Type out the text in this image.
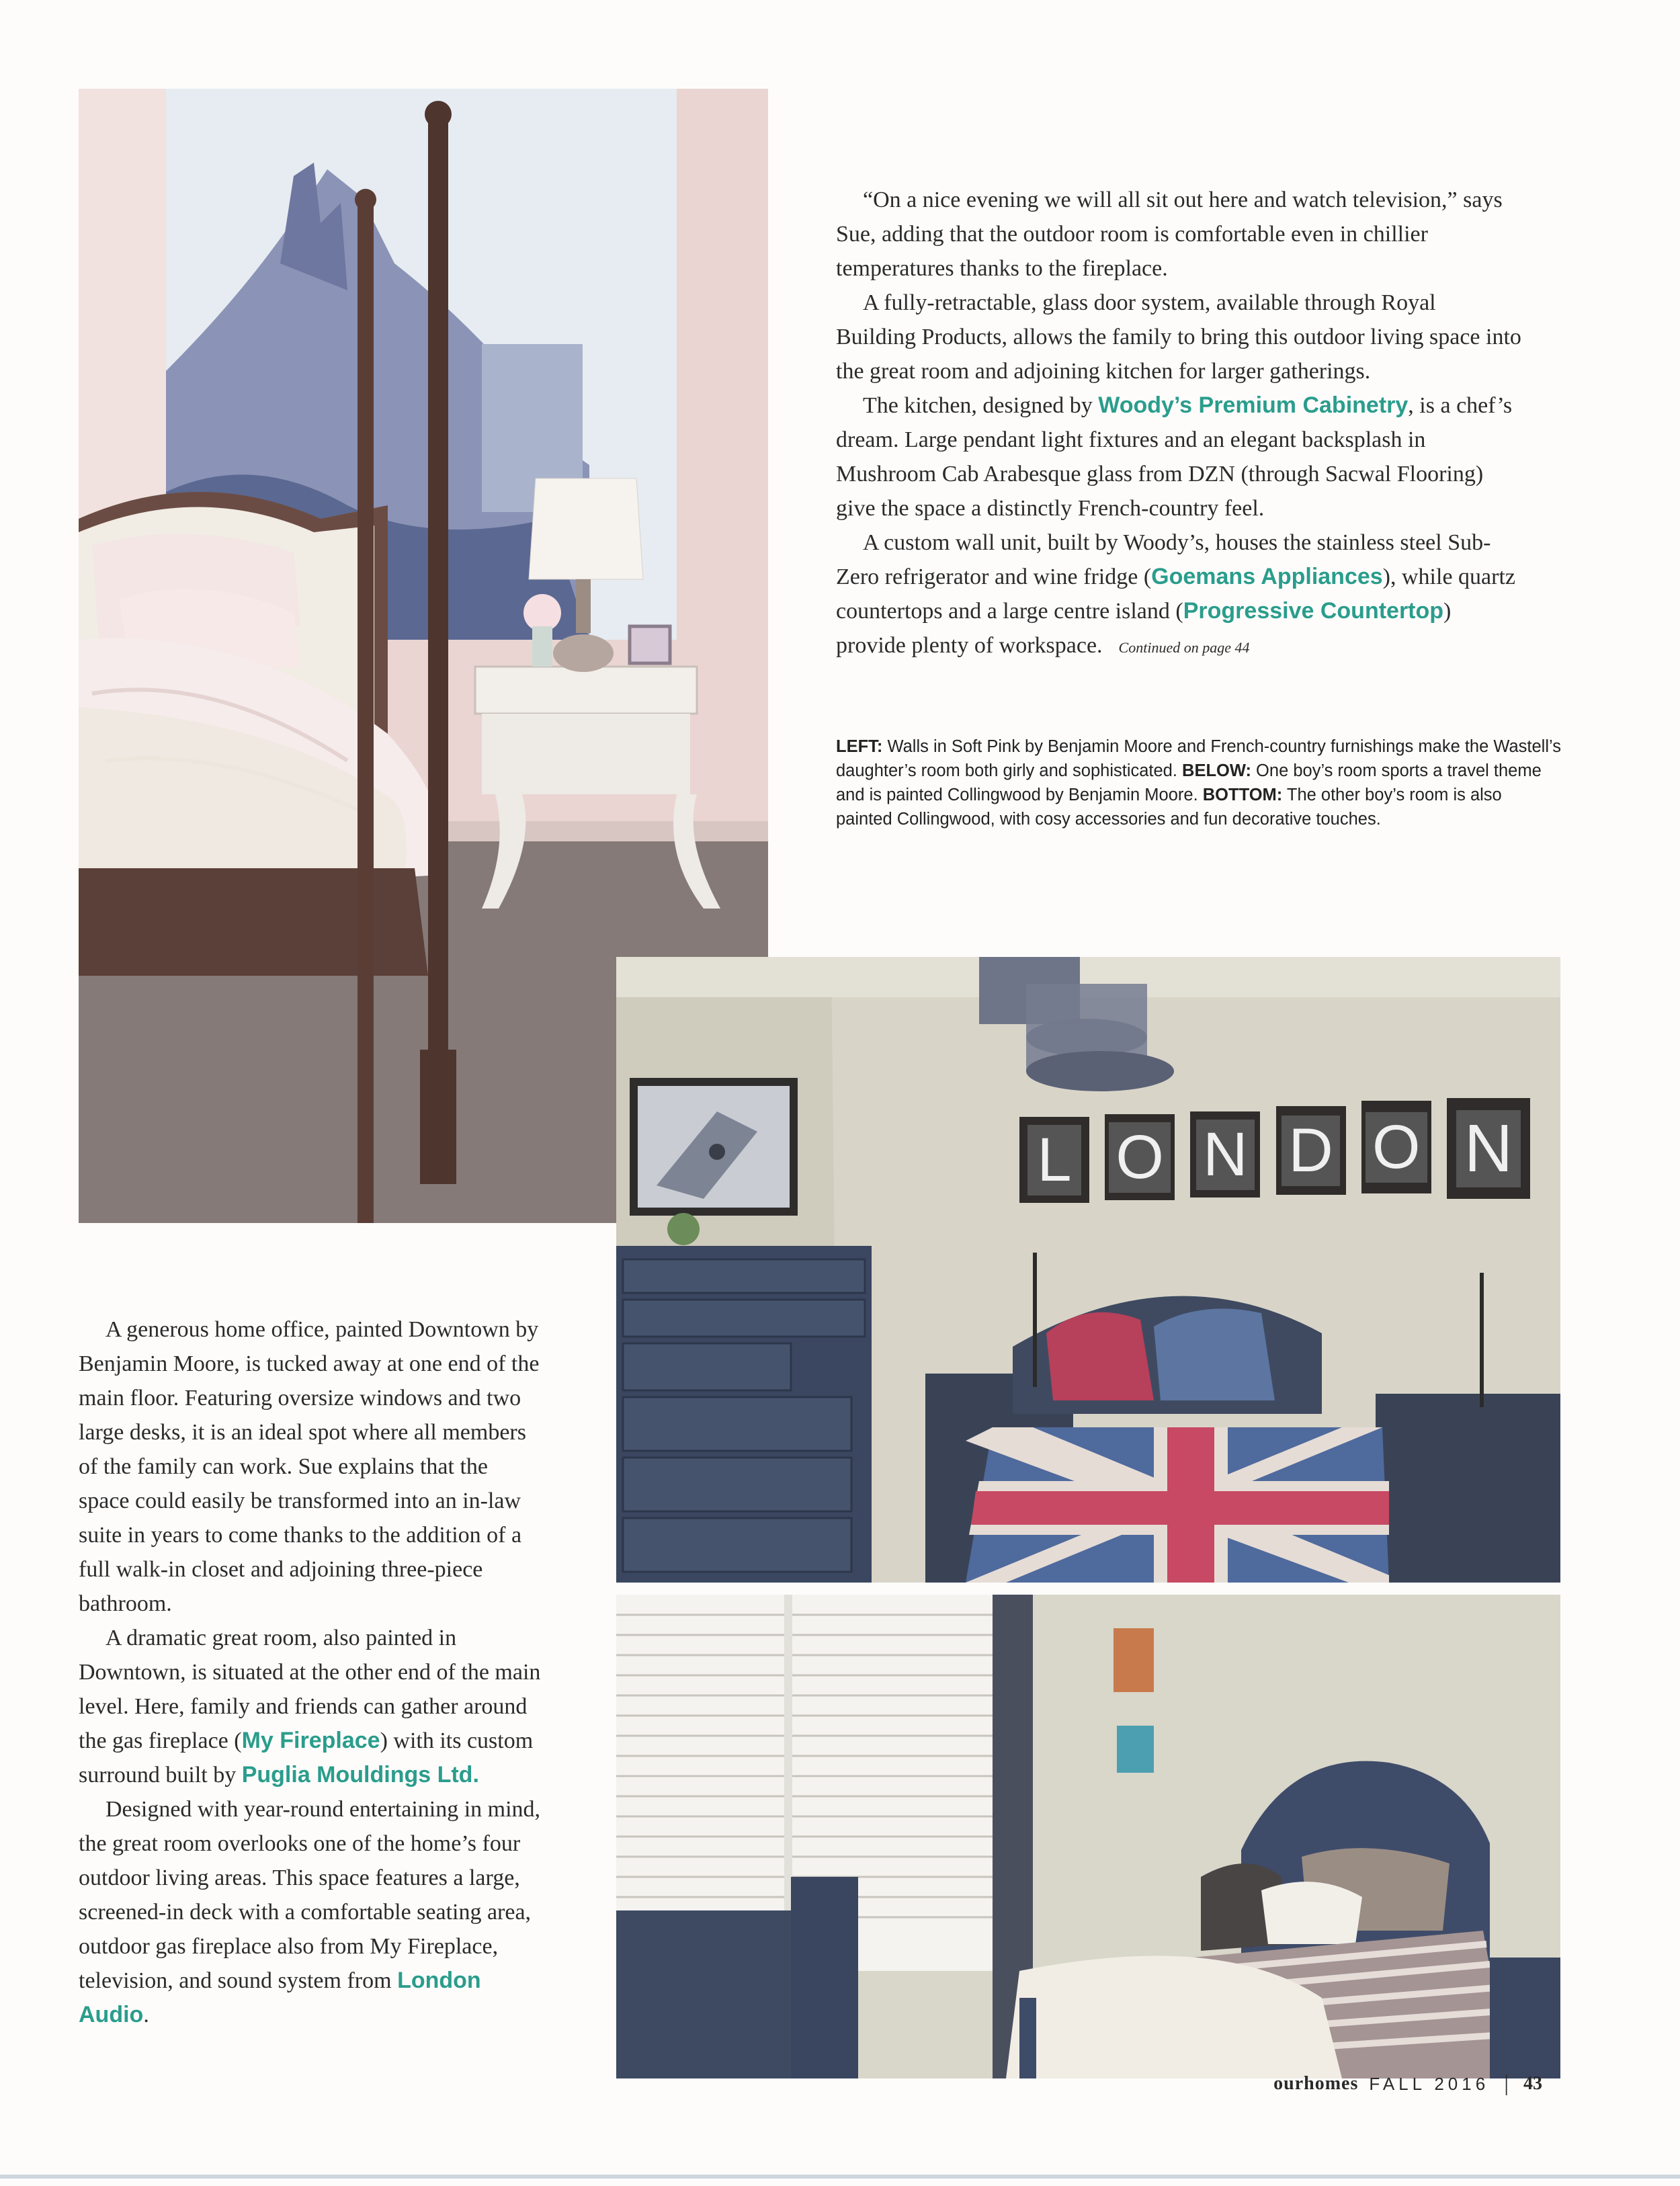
“On a nice evening we will all sit out here and watch television,” says Sue, adding that the outdoor room is comfortable even in chillier temperatures thanks to the fireplace.

A fully-retractable, glass door system, available through Royal Building Products, allows the family to bring this outdoor living space into the great room and adjoining kitchen for larger gatherings.

The kitchen, designed by Woody’s Premium Cabinetry, is a chef’s dream. Large pendant light fixtures and an elegant backsplash in Mushroom Cab Arabesque glass from DZN (through Sacwal Flooring) give the space a distinctly French-country feel.

A custom wall unit, built by Woody’s, houses the stainless steel Sub-Zero refrigerator and wine fridge (Goemans Appliances), while quartz countertops and a large centre island (Progressive Countertop) provide plenty of workspace. Continued on page 44

LEFT: Walls in Soft Pink by Benjamin Moore and French-country furnishings make the Wastell’s daughter’s room both girly and sophisticated. BELOW: One boy’s room sports a travel theme and is painted Collingwood by Benjamin Moore. BOTTOM: The other boy’s room is also painted Collingwood, with cosy accessories and fun decorative touches.
L O N D O N

A generous home office, painted Downtown by Benjamin Moore, is tucked away at one end of the main floor. Featuring oversize windows and two large desks, it is an ideal spot where all members of the family can work. Sue explains that the space could easily be transformed into an in-law suite in years to come thanks to the addition of a full walk-in closet and adjoining three-piece bathroom.

A dramatic great room, also painted in Downtown, is situated at the other end of the main level. Here, family and friends can gather around the gas fireplace (My Fireplace) with its custom surround built by Puglia Mouldings Ltd.

Designed with year-round entertaining in mind, the great room overlooks one of the home’s four outdoor living areas. This space features a large, screened-in deck with a comfortable seating area, outdoor gas fireplace also from My Fireplace, television, and sound system from London Audio.

ourhomes FALL 2016 | 43
